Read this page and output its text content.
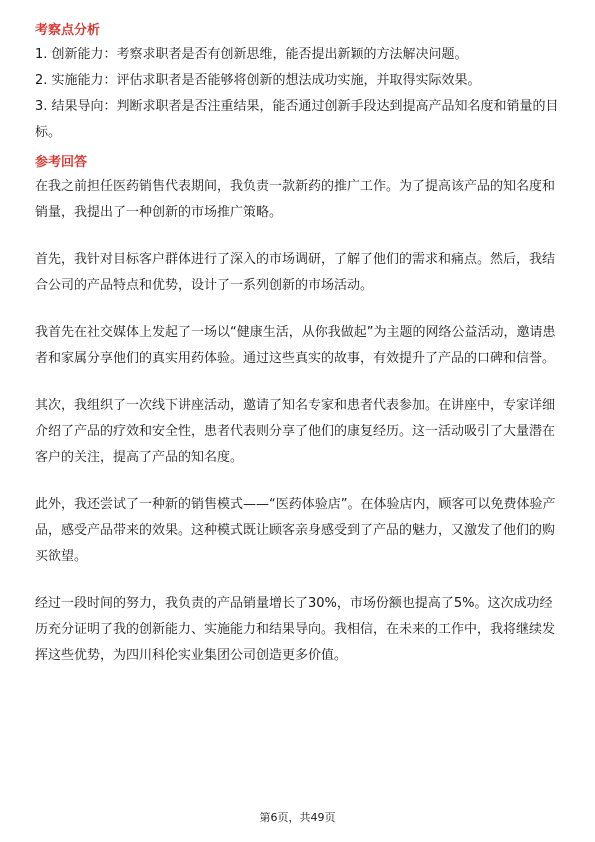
考察点分析

1. 创新能力：考察求职者是否有创新思维，能否提出新颖的方法解决问题。

2. 实施能力：评估求职者是否能够将创新的想法成功实施，并取得实际效果。

3. 结果导向：判断求职者是否注重结果，能否通过创新手段达到提高产品知名度和销量的目标。

参考回答

在我之前担任医药销售代表期间，我负责一款新药的推广工作。为了提高该产品的知名度和销量，我提出了一种创新的市场推广策略。

首先，我针对目标客户群体进行了深入的市场调研，了解了他们的需求和痛点。然后，我结合公司的产品特点和优势，设计了一系列创新的市场活动。

我首先在社交媒体上发起了一场以“健康生活，从你我做起”为主题的网络公益活动，邀请患者和家属分享他们的真实用药体验。通过这些真实的故事，有效提升了产品的口碑和信誉。

其次，我组织了一次线下讲座活动，邀请了知名专家和患者代表参加。在讲座中，专家详细介绍了产品的疗效和安全性，患者代表则分享了他们的康复经历。这一活动吸引了大量潜在客户的关注，提高了产品的知名度。

此外，我还尝试了一种新的销售模式——“医药体验店”。在体验店内，顾客可以免费体验产品，感受产品带来的效果。这种模式既让顾客亲身感受到了产品的魅力，又激发了他们的购买欲望。

经过一段时间的努力，我负责的产品销量增长了30%，市场份额也提高了5%。这次成功经历充分证明了我的创新能力、实施能力和结果导向。我相信，在未来的工作中，我将继续发挥这些优势，为四川科伦实业集团公司创造更多价值。

第6页，共49页
